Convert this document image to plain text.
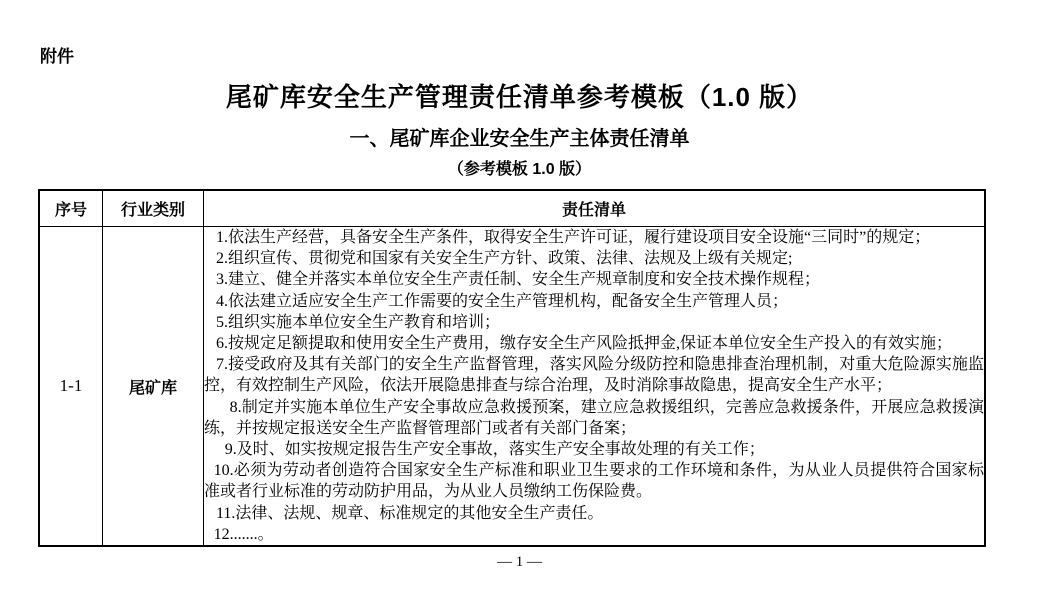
附件
尾矿库安全生产管理责任清单参考模板（1.0 版）
一、尾矿库企业安全生产主体责任清单
（参考模板 1.0 版）
序号	行业类别	责任清单
1-1	尾矿库	

1.依法生产经营，具备安全生产条件，取得安全生产许可证，履行建设项目安全设施“三同时”的规定；

2.组织宣传、贯彻党和国家有关安全生产方针、政策、法律、法规及上级有关规定;

3.建立、健全并落实本单位安全生产责任制、安全生产规章制度和安全技术操作规程；

4.依法建立适应安全生产工作需要的安全生产管理机构，配备安全生产管理人员；

5.组织实施本单位安全生产教育和培训；

6.按规定足额提取和使用安全生产费用，缴存安全生产风险抵押金,保证本单位安全生产投入的有效实施；

7.接受政府及其有关部门的安全生产监督管理，落实风险分级防控和隐患排查治理机制，对重大危险源实施监控，有效控制生产风险，依法开展隐患排查与综合治理，及时消除事故隐患，提高安全生产水平；

8.制定并实施本单位生产安全事故应急救援预案，建立应急救援组织，完善应急救援条件，开展应急救援演练，并按规定报送安全生产监督管理部门或者有关部门备案；

9.及时、如实按规定报告生产安全事故，落实生产安全事故处理的有关工作；

10.必须为劳动者创造符合国家安全生产标准和职业卫生要求的工作环境和条件，为从业人员提供符合国家标准或者行业标准的劳动防护用品，为从业人员缴纳工伤保险费。

11.法律、法规、规章、标准规定的其他安全生产责任。

12.......。

— 1 —
